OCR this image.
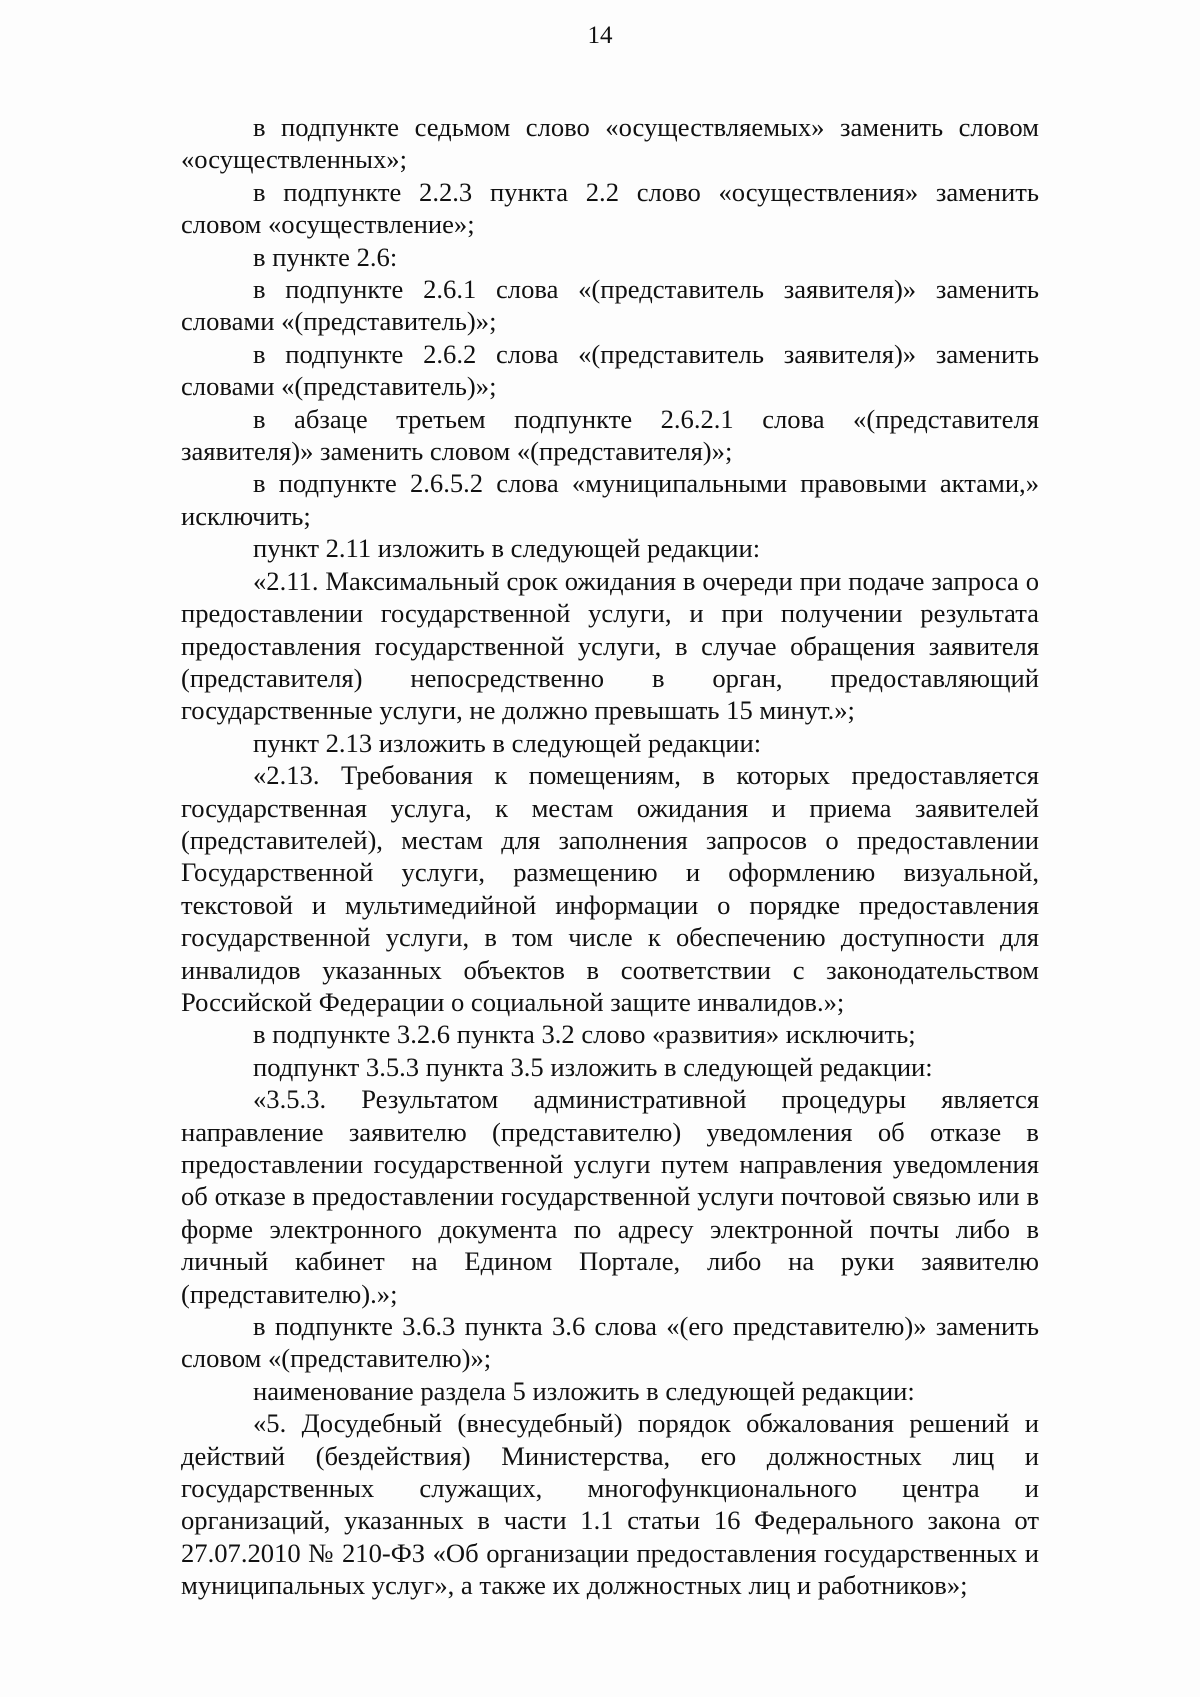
14

в подпункте седьмом слово «осуществляемых» заменить словом «осуществленных»;

в подпункте 2.2.3 пункта 2.2 слово «осуществления» заменить словом «осуществление»;

в пункте 2.6:

в подпункте 2.6.1 слова «(представитель заявителя)» заменить словами «(представитель)»;

в подпункте 2.6.2 слова «(представитель заявителя)» заменить словами «(представитель)»;

в абзаце третьем подпункте 2.6.2.1 слова «(представителя заявителя)» заменить словом «(представителя)»;

в подпункте 2.6.5.2 слова «муниципальными правовыми актами,» исключить;

пункт 2.11 изложить в следующей редакции:

«2.11. Максимальный срок ожидания в очереди при подаче запроса о предоставлении государственной услуги, и при получении результата предоставления государственной услуги, в случае обращения заявителя (представителя) непосредственно в орган, предоставляющий государственные услуги, не должно превышать 15 минут.»;

пункт 2.13 изложить в следующей редакции:

«2.13. Требования к помещениям, в которых предоставляется государственная услуга, к местам ожидания и приема заявителей (представителей), местам для заполнения запросов о предоставлении Государственной услуги, размещению и оформлению визуальной, текстовой и мультимедийной информации о порядке предоставления государственной услуги, в том числе к обеспечению доступности для инвалидов указанных объектов в соответствии с законодательством Российской Федерации о социальной защите инвалидов.»;

в подпункте 3.2.6 пункта 3.2 слово «развития» исключить;

подпункт 3.5.3 пункта 3.5 изложить в следующей редакции:

«3.5.3. Результатом административной процедуры является направление заявителю (представителю) уведомления об отказе в предоставлении государственной услуги путем направления уведомления об отказе в предоставлении государственной услуги почтовой связью или в форме электронного документа по адресу электронной почты либо в личный кабинет на Едином Портале, либо на руки заявителю (представителю).»;

в подпункте 3.6.3 пункта 3.6 слова «(его представителю)» заменить словом «(представителю)»;

наименование раздела 5 изложить в следующей редакции:

«5. Досудебный (внесудебный) порядок обжалования решений и действий (бездействия) Министерства, его должностных лиц и государственных служащих, многофункционального центра и организаций, указанных в части 1.1 статьи 16 Федерального закона от 27.07.2010 № 210-ФЗ «Об организации предоставления государственных и муниципальных услуг», а также их должностных лиц и работников»;
